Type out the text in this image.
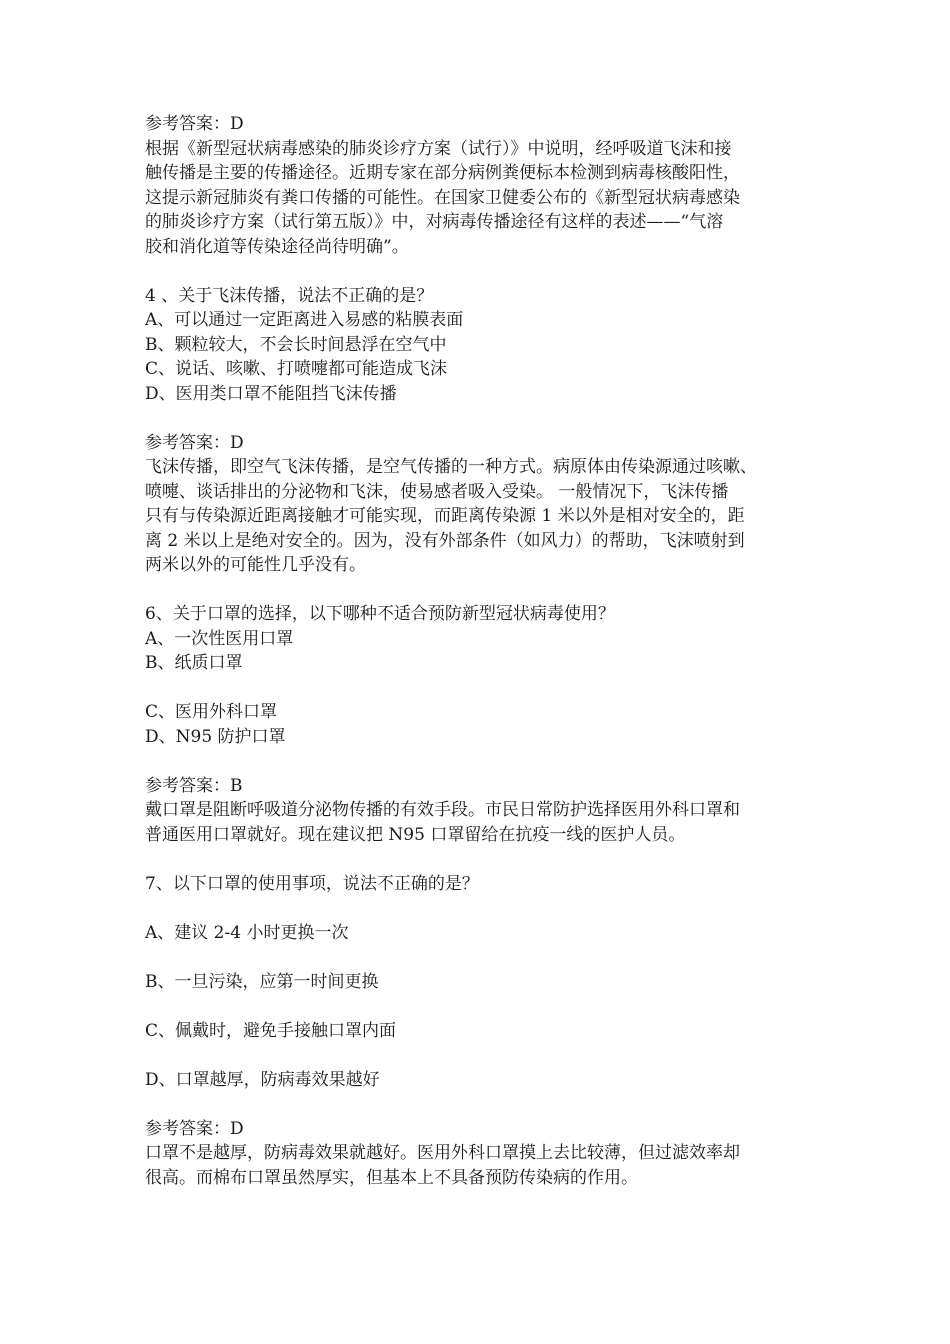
参考答案：D
根据《新型冠状病毒感染的肺炎诊疗方案（试行）》中说明，经呼吸道飞沫和接
触传播是主要的传播途径。近期专家在部分病例粪便标本检测到病毒核酸阳性，
这提示新冠肺炎有粪口传播的可能性。在国家卫健委公布的《新型冠状病毒感染
的肺炎诊疗方案（试行第五版）》中，对病毒传播途径有这样的表述——“气溶
胶和消化道等传染途径尚待明确”。
4 、关于飞沫传播，说法不正确的是？
A、可以通过一定距离进入易感的粘膜表面
B、颗粒较大，不会长时间悬浮在空气中
C、说话、咳嗽、打喷嚏都可能造成飞沫
D、医用类口罩不能阻挡飞沫传播
参考答案：D
飞沫传播，即空气飞沫传播，是空气传播的一种方式。病原体由传染源通过咳嗽、
喷嚏、谈话排出的分泌物和飞沫，使易感者吸入受染。 一般情况下，飞沫传播
只有与传染源近距离接触才可能实现，而距离传染源 1 米以外是相对安全的，距
离 2 米以上是绝对安全的。因为，没有外部条件（如风力）的帮助，飞沫喷射到
两米以外的可能性几乎没有。
6、关于口罩的选择，以下哪种不适合预防新型冠状病毒使用？
A、一次性医用口罩
B、纸质口罩
C、医用外科口罩
D、N95 防护口罩
参考答案：B
戴口罩是阻断呼吸道分泌物传播的有效手段。市民日常防护选择医用外科口罩和
普通医用口罩就好。现在建议把 N95 口罩留给在抗疫一线的医护人员。
7、以下口罩的使用事项，说法不正确的是？
A、建议 2-4 小时更换一次
B、一旦污染，应第一时间更换
C、佩戴时，避免手接触口罩内面
D、口罩越厚，防病毒效果越好
参考答案：D
口罩不是越厚，防病毒效果就越好。医用外科口罩摸上去比较薄，但过滤效率却
很高。而棉布口罩虽然厚实，但基本上不具备预防传染病的作用。
